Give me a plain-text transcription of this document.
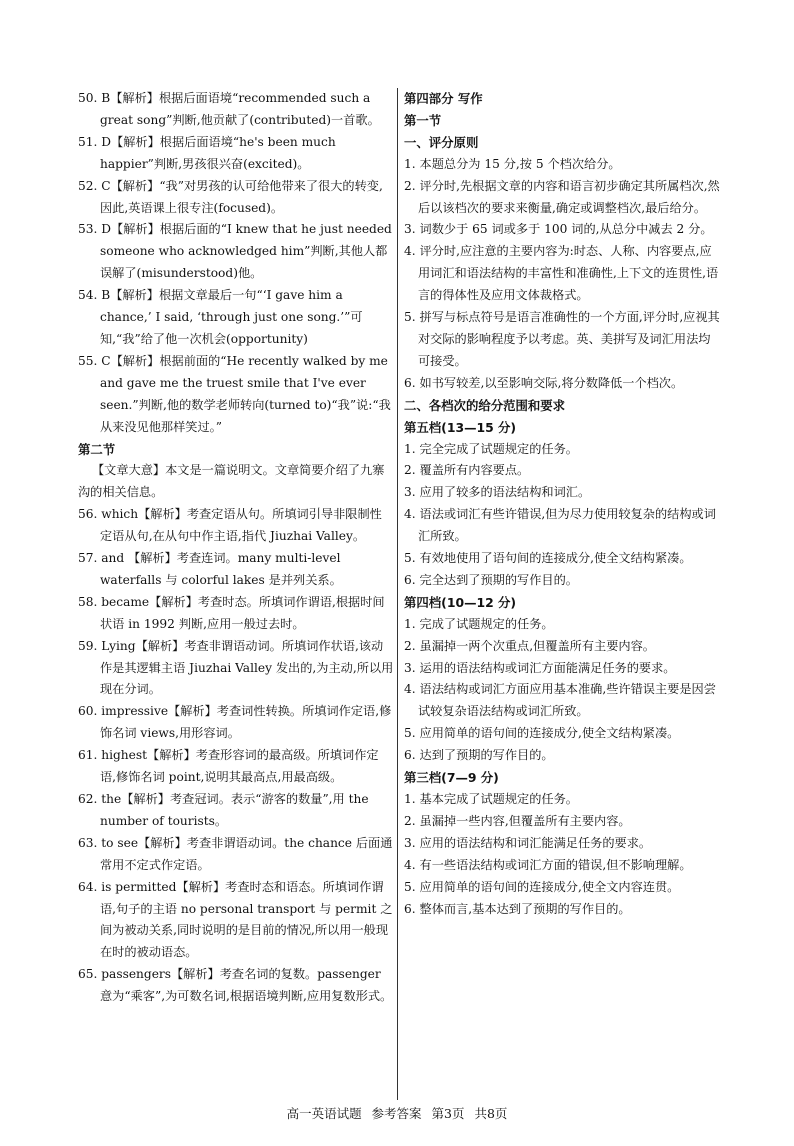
50. B【解析】根据后面语境“recommended such a great song”判断,他贡献了(contributed)一首歌。

51. D【解析】根据后面语境“he's been much happier”判断,男孩很兴奋(excited)。

52. C【解析】“我”对男孩的认可给他带来了很大的转变,因此,英语课上很专注(focused)。

53. D【解析】根据后面的“I knew that he just needed someone who acknowledged him”判断,其他人都误解了(misunderstood)他。

54. B【解析】根据文章最后一句“‘I gave him a chance,’ I said, ‘through just one song.’”可知,“我”给了他一次机会(opportunity)

55. C【解析】根据前面的“He recently walked by me and gave me the truest smile that I've ever seen.”判断,他的数学老师转向(turned to)“我”说:“我从来没见他那样笑过。”

第二节

【文章大意】本文是一篇说明文。文章简要介绍了九寨沟的相关信息。

56. which【解析】考查定语从句。所填词引导非限制性定语从句,在从句中作主语,指代 Jiuzhai Valley。

57. and 【解析】考查连词。many multi-level waterfalls 与 colorful lakes 是并列关系。

58. became【解析】考查时态。所填词作谓语,根据时间状语 in 1992 判断,应用一般过去时。

59. Lying【解析】考查非谓语动词。所填词作状语,该动作是其逻辑主语 Jiuzhai Valley 发出的,为主动,所以用现在分词。

60. impressive【解析】考查词性转换。所填词作定语,修饰名词 views,用形容词。

61. highest【解析】考查形容词的最高级。所填词作定语,修饰名词 point,说明其最高点,用最高级。

62. the【解析】考查冠词。表示“游客的数量”,用 the number of tourists。

63. to see【解析】考查非谓语动词。the chance 后面通常用不定式作定语。

64. is permitted【解析】考查时态和语态。所填词作谓语,句子的主语 no personal transport 与 permit 之间为被动关系,同时说明的是目前的情况,所以用一般现在时的被动语态。

65. passengers【解析】考查名词的复数。passenger 意为“乘客”,为可数名词,根据语境判断,应用复数形式。

第四部分 写作

第一节

一、评分原则

1. 本题总分为 15 分,按 5 个档次给分。

2. 评分时,先根据文章的内容和语言初步确定其所属档次,然后以该档次的要求来衡量,确定或调整档次,最后给分。

3. 词数少于 65 词或多于 100 词的,从总分中减去 2 分。

4. 评分时,应注意的主要内容为:时态、人称、内容要点,应用词汇和语法结构的丰富性和准确性,上下文的连贯性,语言的得体性及应用文体裁格式。

5. 拼写与标点符号是语言准确性的一个方面,评分时,应视其对交际的影响程度予以考虑。英、美拼写及词汇用法均可接受。

6. 如书写较差,以至影响交际,将分数降低一个档次。

二、各档次的给分范围和要求

第五档(13—15 分)

1. 完全完成了试题规定的任务。

2. 覆盖所有内容要点。

3. 应用了较多的语法结构和词汇。

4. 语法或词汇有些许错误,但为尽力使用较复杂的结构或词汇所致。

5. 有效地使用了语句间的连接成分,使全文结构紧凑。

6. 完全达到了预期的写作目的。

第四档(10—12 分)

1. 完成了试题规定的任务。

2. 虽漏掉一两个次重点,但覆盖所有主要内容。

3. 运用的语法结构或词汇方面能满足任务的要求。

4. 语法结构或词汇方面应用基本准确,些许错误主要是因尝试较复杂语法结构或词汇所致。

5. 应用简单的语句间的连接成分,使全文结构紧凑。

6. 达到了预期的写作目的。

第三档(7—9 分)

1. 基本完成了试题规定的任务。

2. 虽漏掉一些内容,但覆盖所有主要内容。

3. 应用的语法结构和词汇能满足任务的要求。

4. 有一些语法结构或词汇方面的错误,但不影响理解。

5. 应用简单的语句间的连接成分,使全文内容连贯。

6. 整体而言,基本达到了预期的写作目的。

高一英语试题 参考答案 第3页 共8页
